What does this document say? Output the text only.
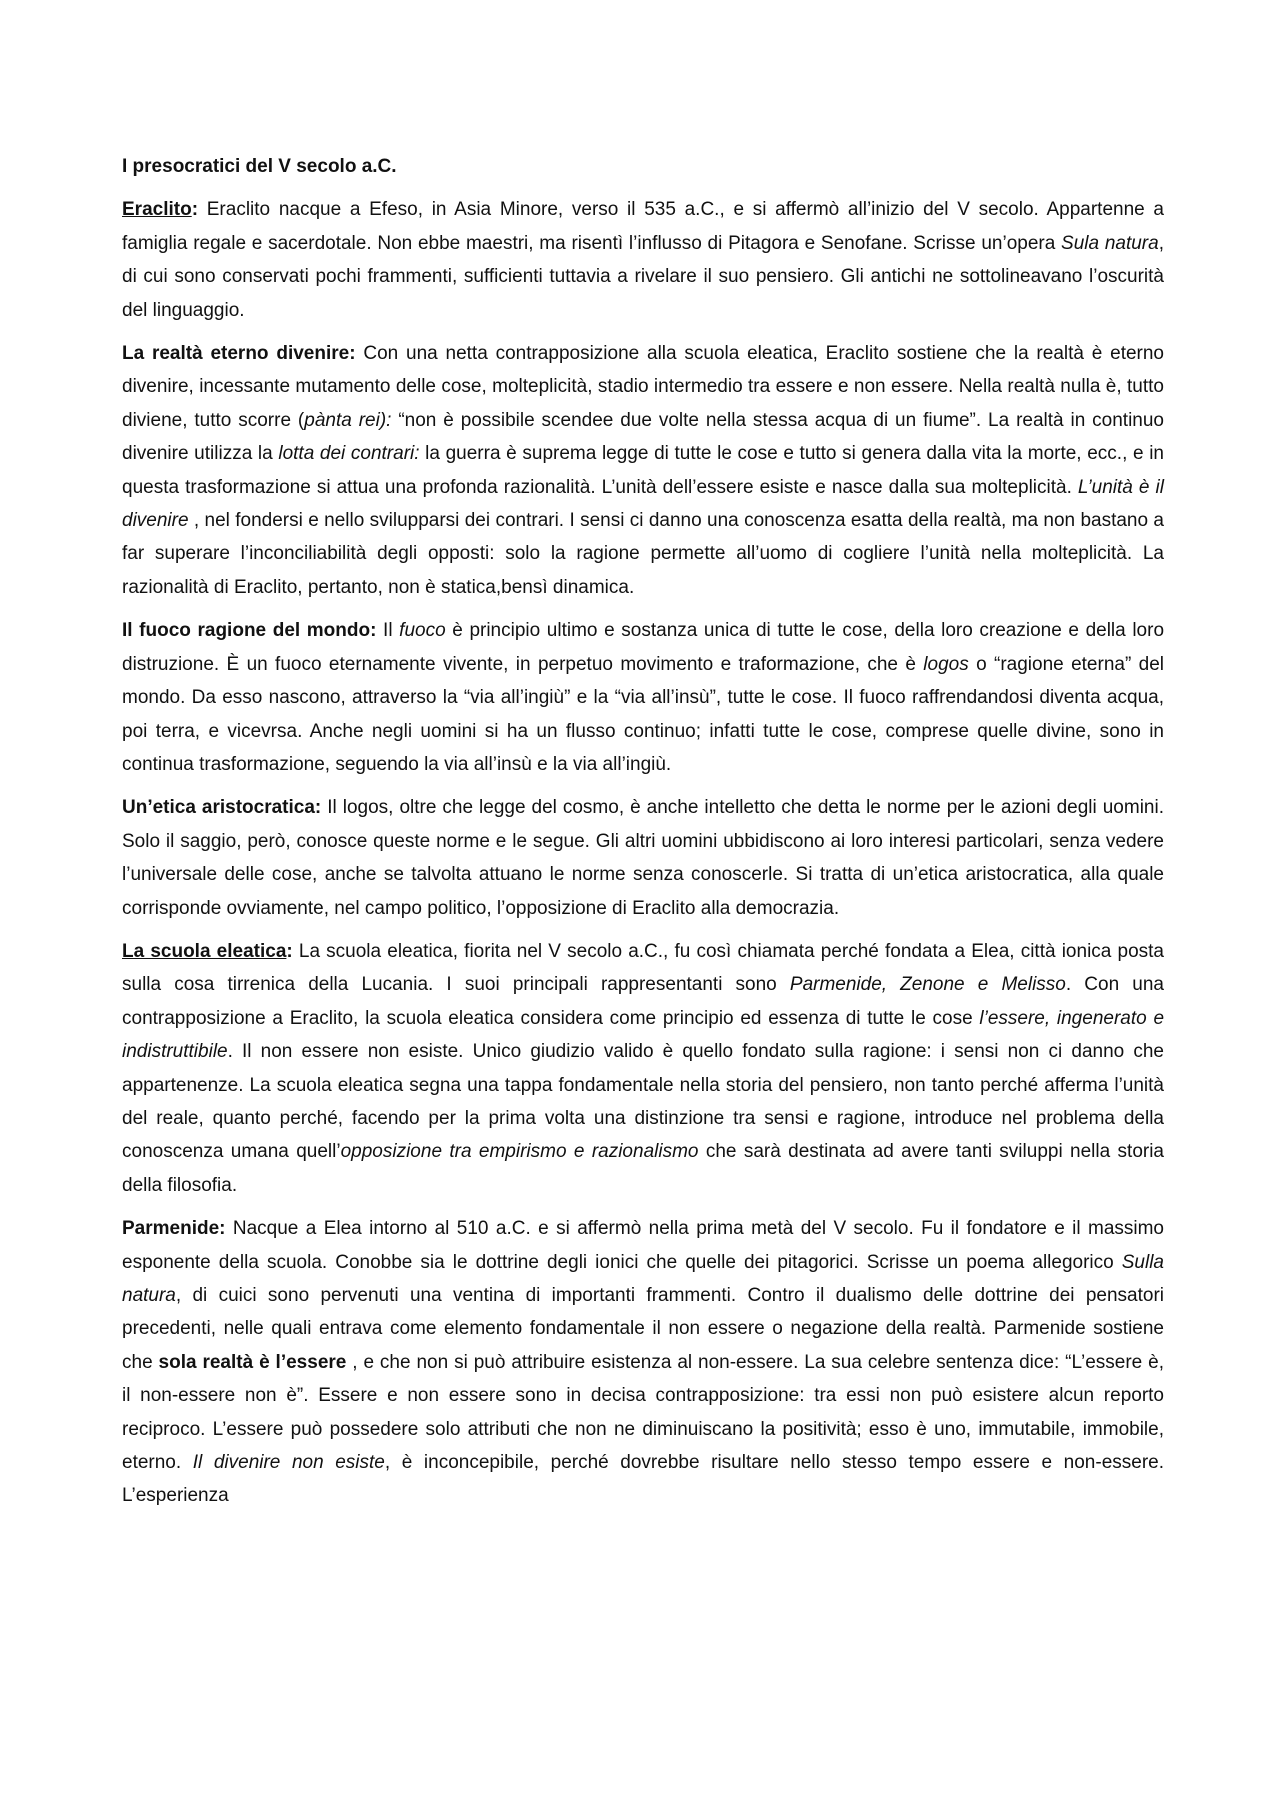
I presocratici del V secolo a.C.

Eraclito: Eraclito nacque a Efeso, in Asia Minore, verso il 535 a.C., e si affermò all’inizio del V secolo. Appartenne a famiglia regale e sacerdotale. Non ebbe maestri, ma risentì l’influsso di Pitagora e Senofane. Scrisse un’opera Sula natura, di cui sono conservati pochi frammenti, sufficienti tuttavia a rivelare il suo pensiero. Gli antichi ne sottolineavano l’oscurità del linguaggio.

La realtà eterno divenire: Con una netta contrapposizione alla scuola eleatica, Eraclito sostiene che la realtà è eterno divenire, incessante mutamento delle cose, molteplicità, stadio intermedio tra essere e non essere. Nella realtà nulla è, tutto diviene, tutto scorre (pànta rei): “non è possibile scendee due volte nella stessa acqua di un fiume”. La realtà in continuo divenire utilizza la lotta dei contrari: la guerra è suprema legge di tutte le cose e tutto si genera dalla vita la morte, ecc., e in questa trasformazione si attua una profonda razionalità. L’unità dell’essere esiste e nasce dalla sua molteplicità. L’unità è il divenire , nel fondersi e nello svilupparsi dei contrari. I sensi ci danno una conoscenza esatta della realtà, ma non bastano a far superare l’inconciliabilità degli opposti: solo la ragione permette all’uomo di cogliere l’unità nella molteplicità. La razionalità di Eraclito, pertanto, non è statica,bensì dinamica.

Il fuoco ragione del mondo: Il fuoco è principio ultimo e sostanza unica di tutte le cose, della loro creazione e della loro distruzione. È un fuoco eternamente vivente, in perpetuo movimento e traformazione, che è logos o “ragione eterna” del mondo. Da esso nascono, attraverso la “via all’ingiù” e la “via all’insù”, tutte le cose. Il fuoco raffrendandosi diventa acqua, poi terra, e vicevrsa. Anche negli uomini si ha un flusso continuo; infatti tutte le cose, comprese quelle divine, sono in continua trasformazione, seguendo la via all’insù e la via all’ingiù.

Un’etica aristocratica: Il logos, oltre che legge del cosmo, è anche intelletto che detta le norme per le azioni degli uomini. Solo il saggio, però, conosce queste norme e le segue. Gli altri uomini ubbidiscono ai loro interesi particolari, senza vedere l’universale delle cose, anche se talvolta attuano le norme senza conoscerle. Si tratta di un’etica aristocratica, alla quale corrisponde ovviamente, nel campo politico, l’opposizione di Eraclito alla democrazia.

La scuola eleatica: La scuola eleatica, fiorita nel V secolo a.C., fu così chiamata perché fondata a Elea, città ionica posta sulla cosa tirrenica della Lucania. I suoi principali rappresentanti sono Parmenide, Zenone e Melisso. Con una contrapposizione a Eraclito, la scuola eleatica considera come principio ed essenza di tutte le cose l’essere, ingenerato e indistruttibile. Il non essere non esiste. Unico giudizio valido è quello fondato sulla ragione: i sensi non ci danno che appartenenze. La scuola eleatica segna una tappa fondamentale nella storia del pensiero, non tanto perché afferma l’unità del reale, quanto perché, facendo per la prima volta una distinzione tra sensi e ragione, introduce nel problema della conoscenza umana quell’opposizione tra empirismo e razionalismo che sarà destinata ad avere tanti sviluppi nella storia della filosofia.

Parmenide: Nacque a Elea intorno al 510 a.C. e si affermò nella prima metà del V secolo. Fu il fondatore e il massimo esponente della scuola. Conobbe sia le dottrine degli ionici che quelle dei pitagorici. Scrisse un poema allegorico Sulla natura, di cuici sono pervenuti una ventina di importanti frammenti. Contro il dualismo delle dottrine dei pensatori precedenti, nelle quali entrava come elemento fondamentale il non essere o negazione della realtà. Parmenide sostiene che sola realtà è l’essere , e che non si può attribuire esistenza al non-essere. La sua celebre sentenza dice: “L’essere è, il non-essere non è”. Essere e non essere sono in decisa contrapposizione: tra essi non può esistere alcun reporto reciproco. L’essere può possedere solo attributi che non ne diminuiscano la positività; esso è uno, immutabile, immobile, eterno. Il divenire non esiste, è inconcepibile, perché dovrebbe risultare nello stesso tempo essere e non-essere. L’esperienza
